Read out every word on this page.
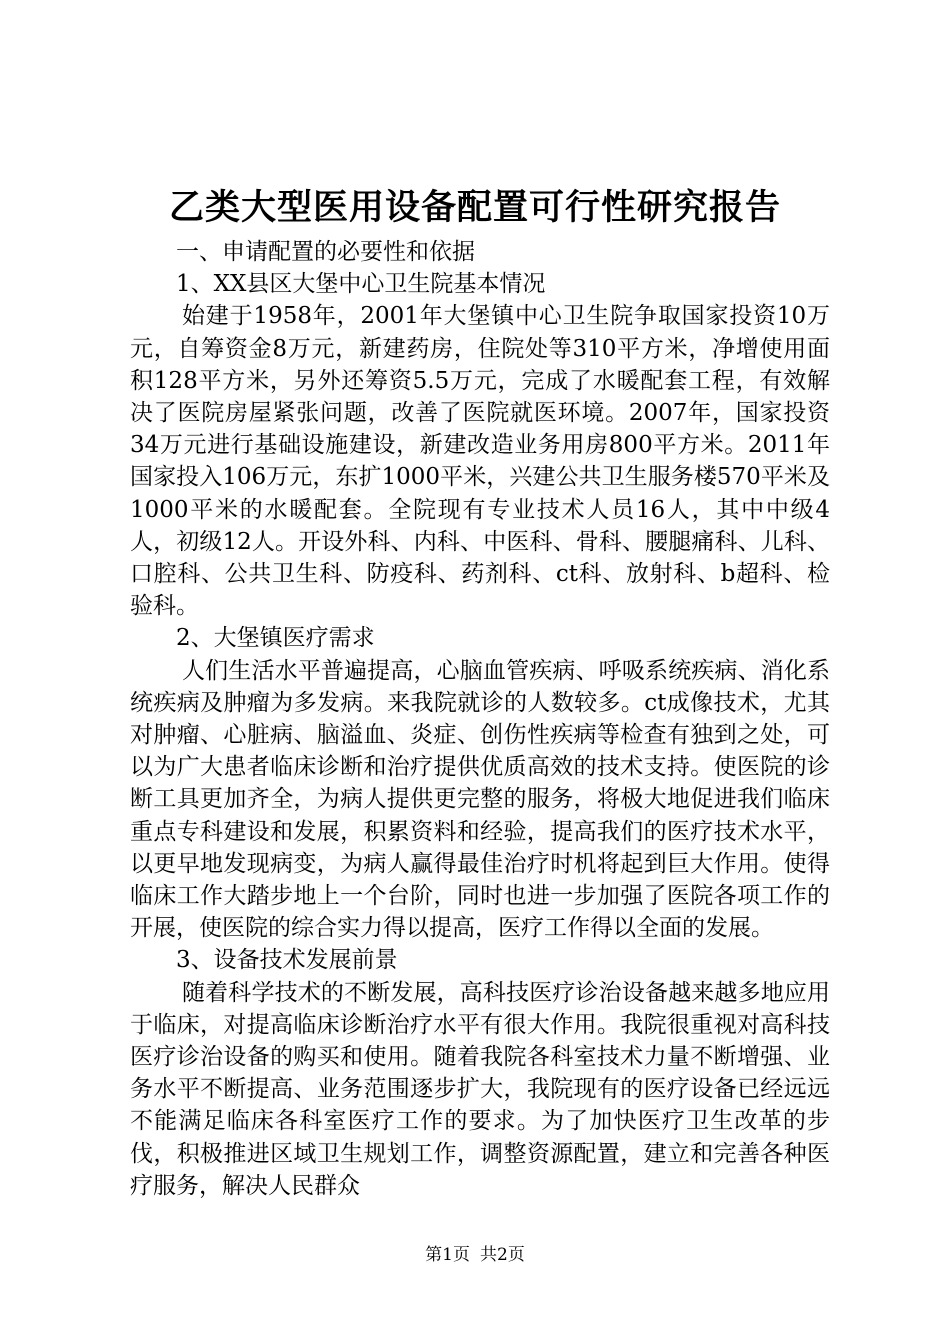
乙类大型医用设备配置可行性研究报告

一、申请配置的必要性和依据

1、XX县区大堡中心卫生院基本情况

始建于1958年，2001年大堡镇中心卫生院争取国家投资10万元，自筹资金8万元，新建药房，住院处等310平方米，净增使用面积128平方米，另外还筹资5.5万元，完成了水暖配套工程，有效解决了医院房屋紧张问题，改善了医院就医环境。2007年，国家投资34万元进行基础设施建设，新建改造业务用房800平方米。2011年国家投入106万元，东扩1000平米，兴建公共卫生服务楼570平米及1000平米的水暖配套。全院现有专业技术人员16人，其中中级4人，初级12人。开设外科、内科、中医科、骨科、腰腿痛科、儿科、口腔科、公共卫生科、防疫科、药剂科、ct科、放射科、b超科、检验科。

2、大堡镇医疗需求

人们生活水平普遍提高，心脑血管疾病、呼吸系统疾病、消化系统疾病及肿瘤为多发病。来我院就诊的人数较多。ct成像技术，尤其对肿瘤、心脏病、脑溢血、炎症、创伤性疾病等检查有独到之处，可以为广大患者临床诊断和治疗提供优质高效的技术支持。使医院的诊断工具更加齐全，为病人提供更完整的服务，将极大地促进我们临床重点专科建设和发展，积累资料和经验，提高我们的医疗技术水平，以更早地发现病变，为病人赢得最佳治疗时机将起到巨大作用。使得临床工作大踏步地上一个台阶，同时也进一步加强了医院各项工作的开展，使医院的综合实力得以提高，医疗工作得以全面的发展。

3、设备技术发展前景

随着科学技术的不断发展，高科技医疗诊治设备越来越多地应用于临床，对提高临床诊断治疗水平有很大作用。我院很重视对高科技医疗诊治设备的购买和使用。随着我院各科室技术力量不断增强、业务水平不断提高、业务范围逐步扩大，我院现有的医疗设备已经远远不能满足临床各科室医疗工作的要求。为了加快医疗卫生改革的步伐，积极推进区域卫生规划工作，调整资源配置，建立和完善各种医疗服务，解决人民群众

第1页 共2页
